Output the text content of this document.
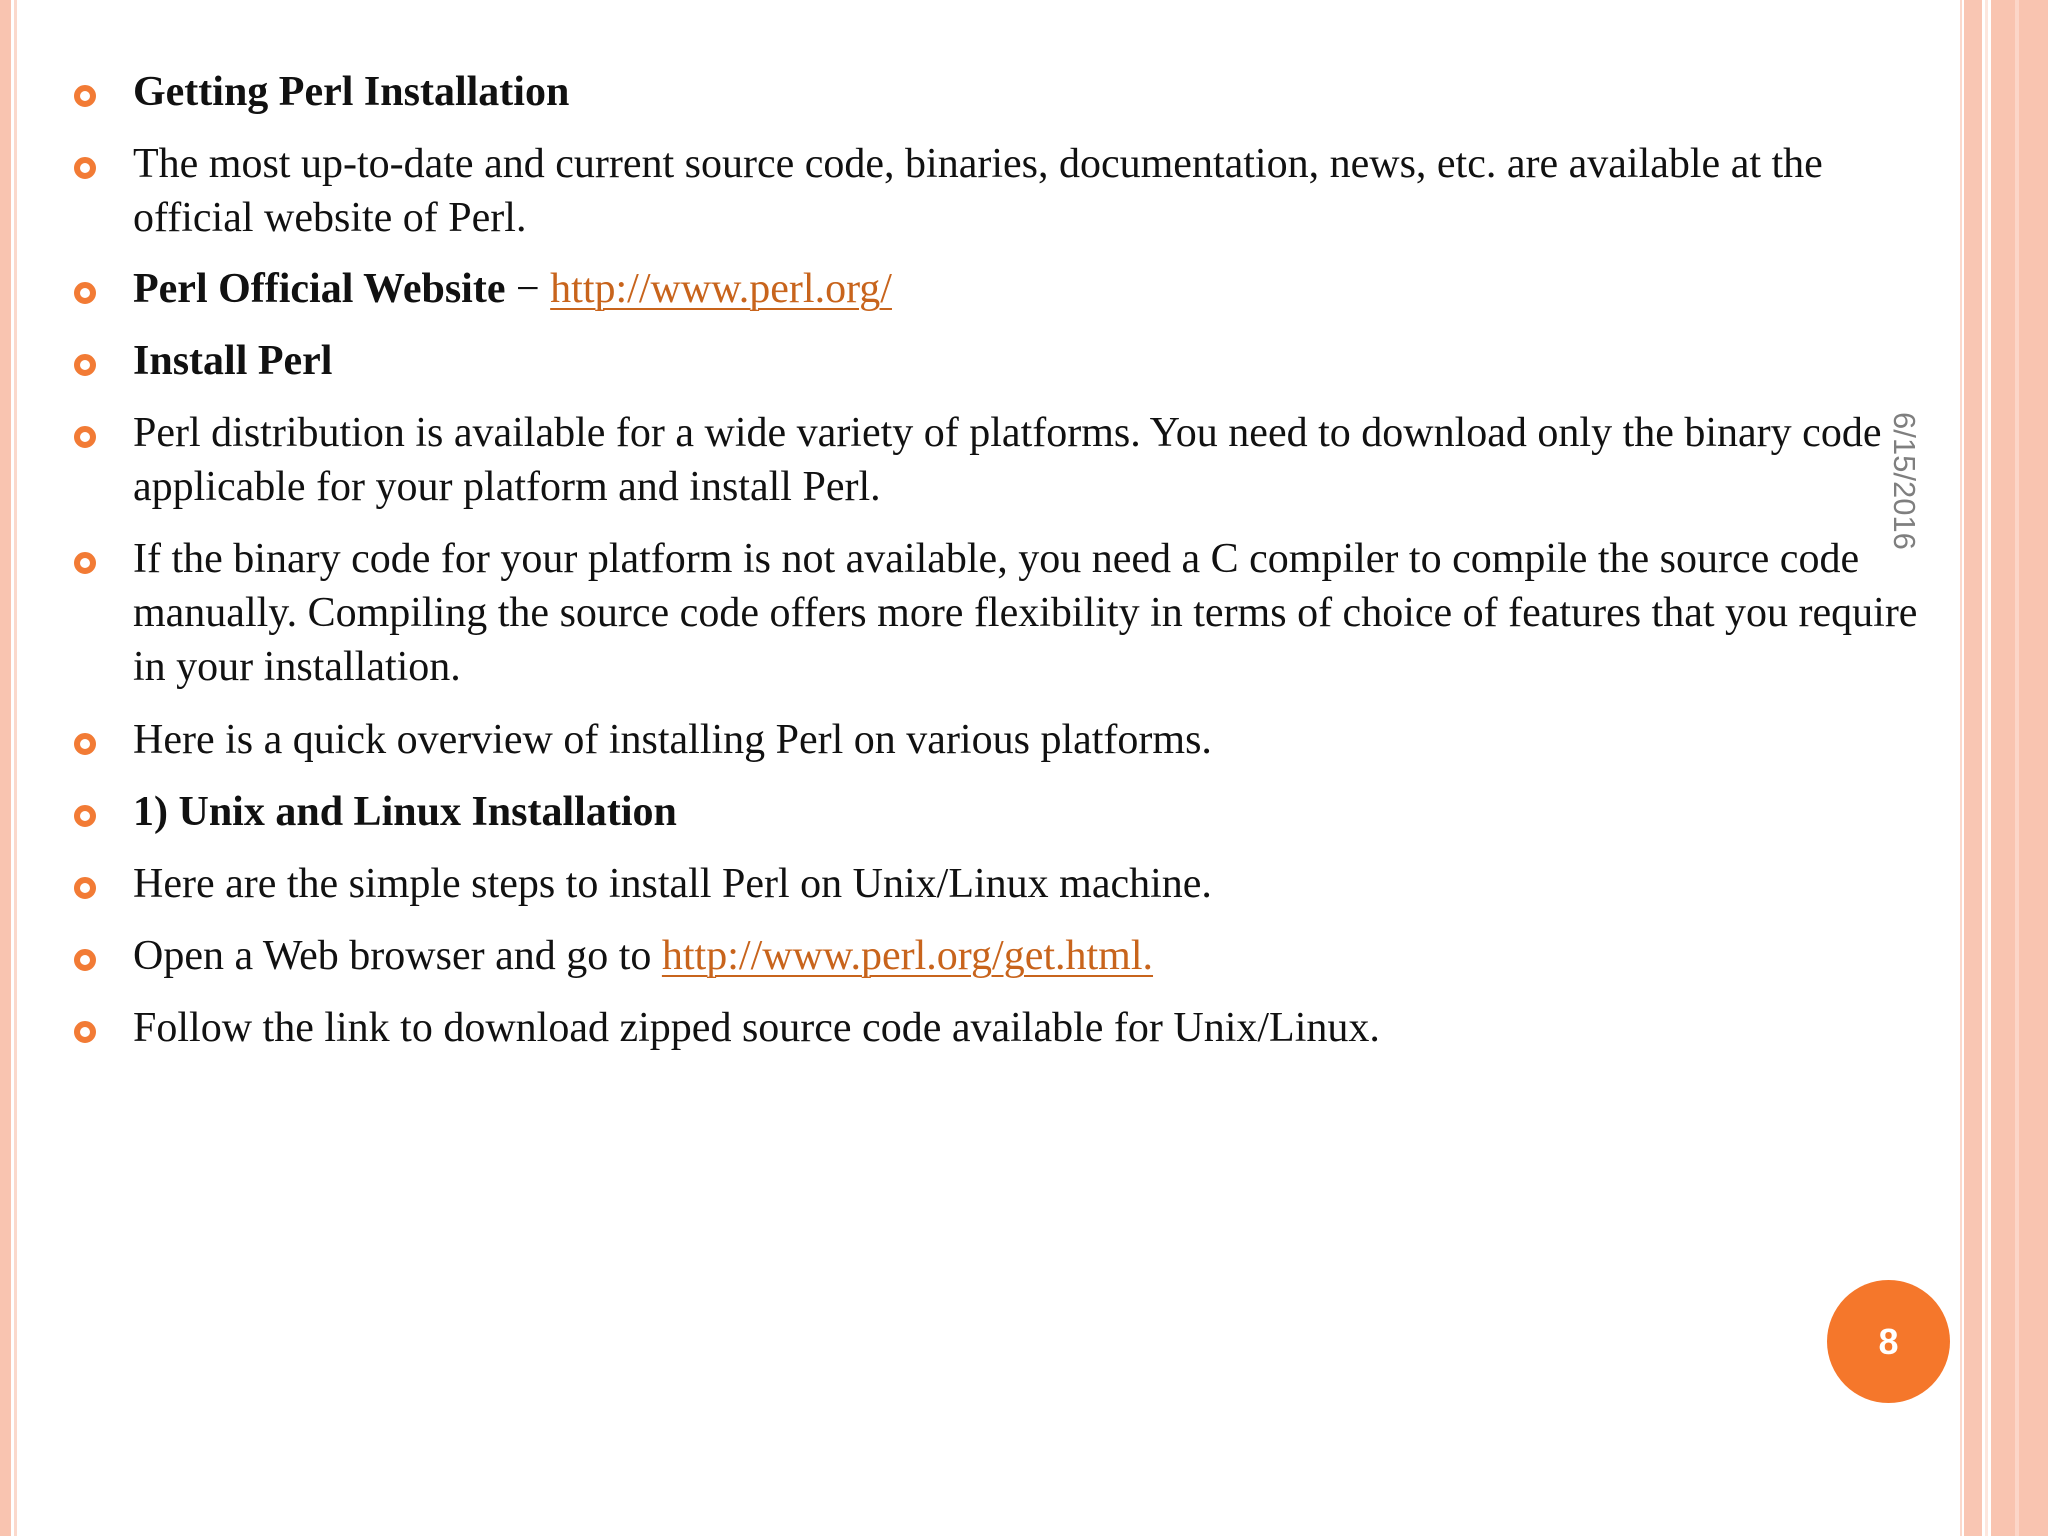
Getting Perl Installation
The most up-to-date and current source code, binaries, documentation, news, etc. are available at the official website of Perl.
Perl Official Website − http://www.perl.org/
Install Perl
Perl distribution is available for a wide variety of platforms. You need to download only the binary code applicable for your platform and install Perl.
If the binary code for your platform is not available, you need a C compiler to compile the source code manually. Compiling the source code offers more flexibility in terms of choice of features that you require in your installation.
Here is a quick overview of installing Perl on various platforms.
1) Unix and Linux Installation
Here are the simple steps to install Perl on Unix/Linux machine.
Open a Web browser and go to http://www.perl.org/get.html.
Follow the link to download zipped source code available for Unix/Linux.
6/15/2016
8
